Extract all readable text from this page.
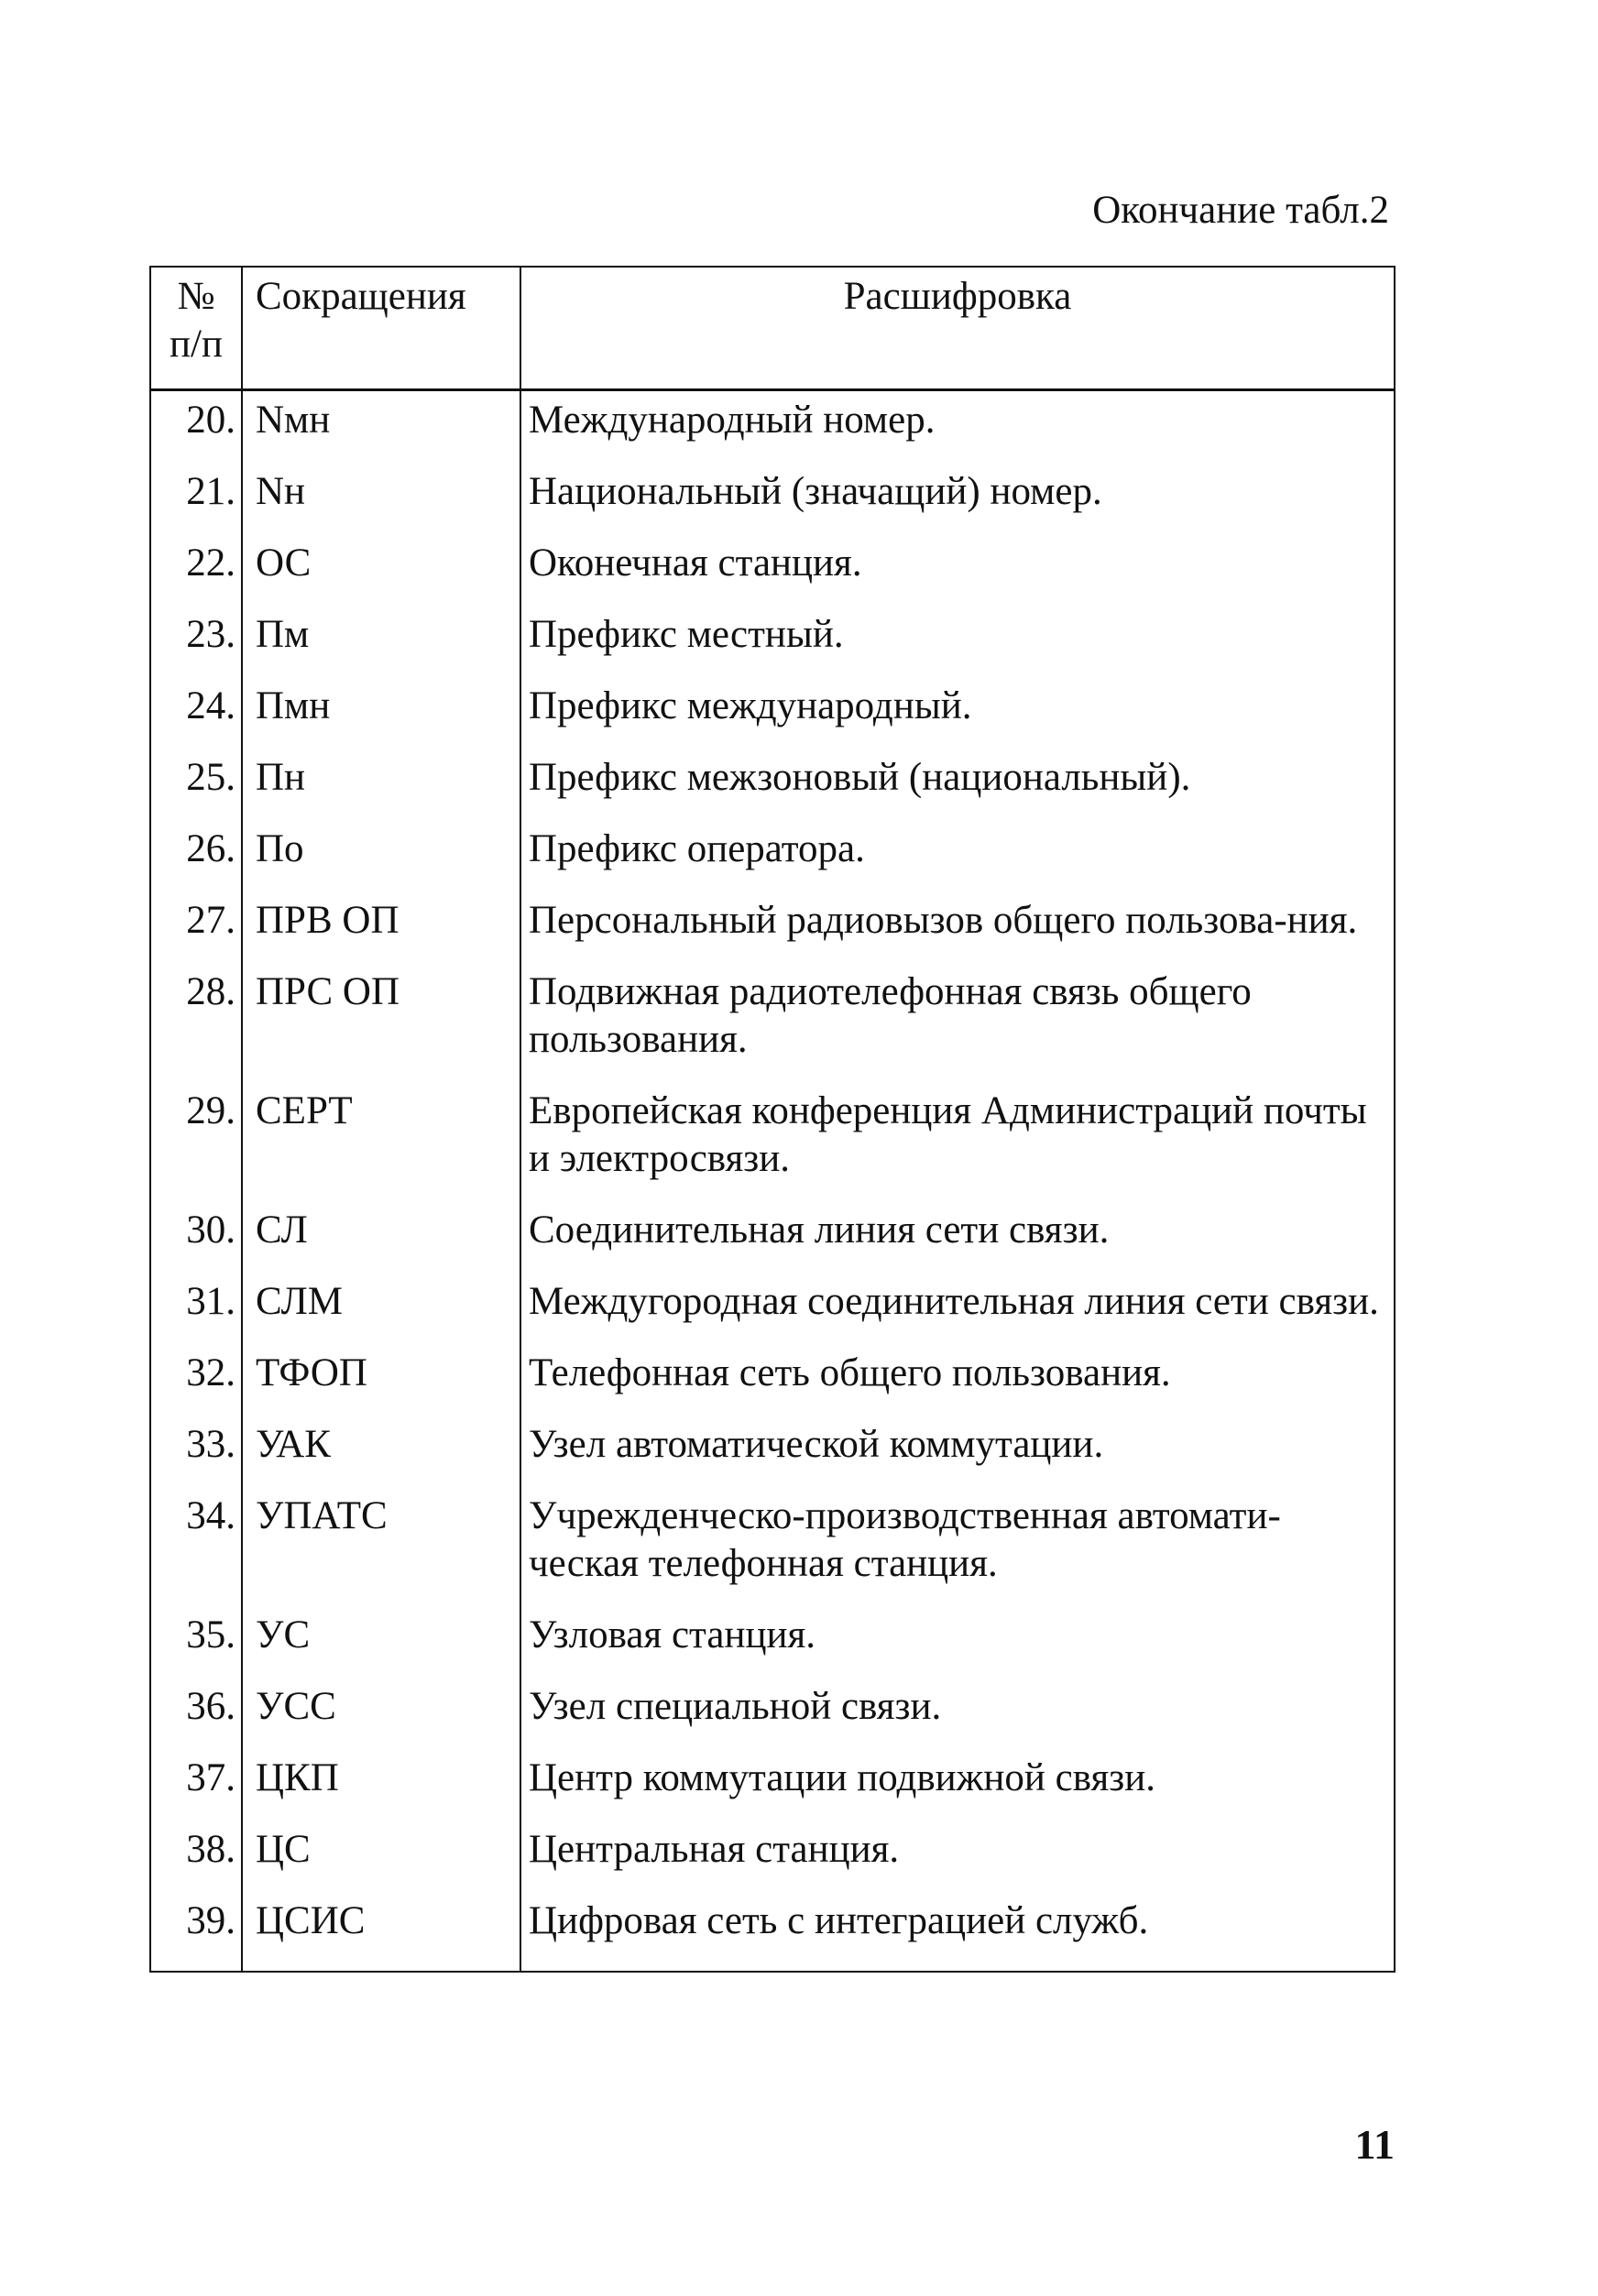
Окончание табл.2
№ п/п	Сокращения	Расшифровка
20.	Nмн	Международный номер.
21.	Nн	Национальный (значащий) номер.
22.	ОС	Оконечная станция.
23.	Пм	Префикс местный.
24.	Пмн	Префикс международный.
25.	Пн	Префикс межзоновый (национальный).
26.	По	Префикс оператора.
27.	ПРВ ОП	Персональный радиовызов общего пользова-ния.
28.	ПРС ОП	Подвижная радиотелефонная связь общего пользования.
29.	СЕРТ	Европейская конференция Администраций почты и электросвязи.
30.	СЛ	Соединительная линия сети связи.
31.	СЛМ	Междугородная соединительная линия сети связи.
32.	ТФОП	Телефонная сеть общего пользования.
33.	УАК	Узел автоматической коммутации.
34.	УПАТС	Учрежденческо-производственная автомати-ческая телефонная станция.
35.	УС	Узловая станция.
36.	УСС	Узел специальной связи.
37.	ЦКП	Центр коммутации подвижной связи.
38.	ЦС	Центральная станция.
39.	ЦСИС	Цифровая сеть с интеграцией служб.
11
